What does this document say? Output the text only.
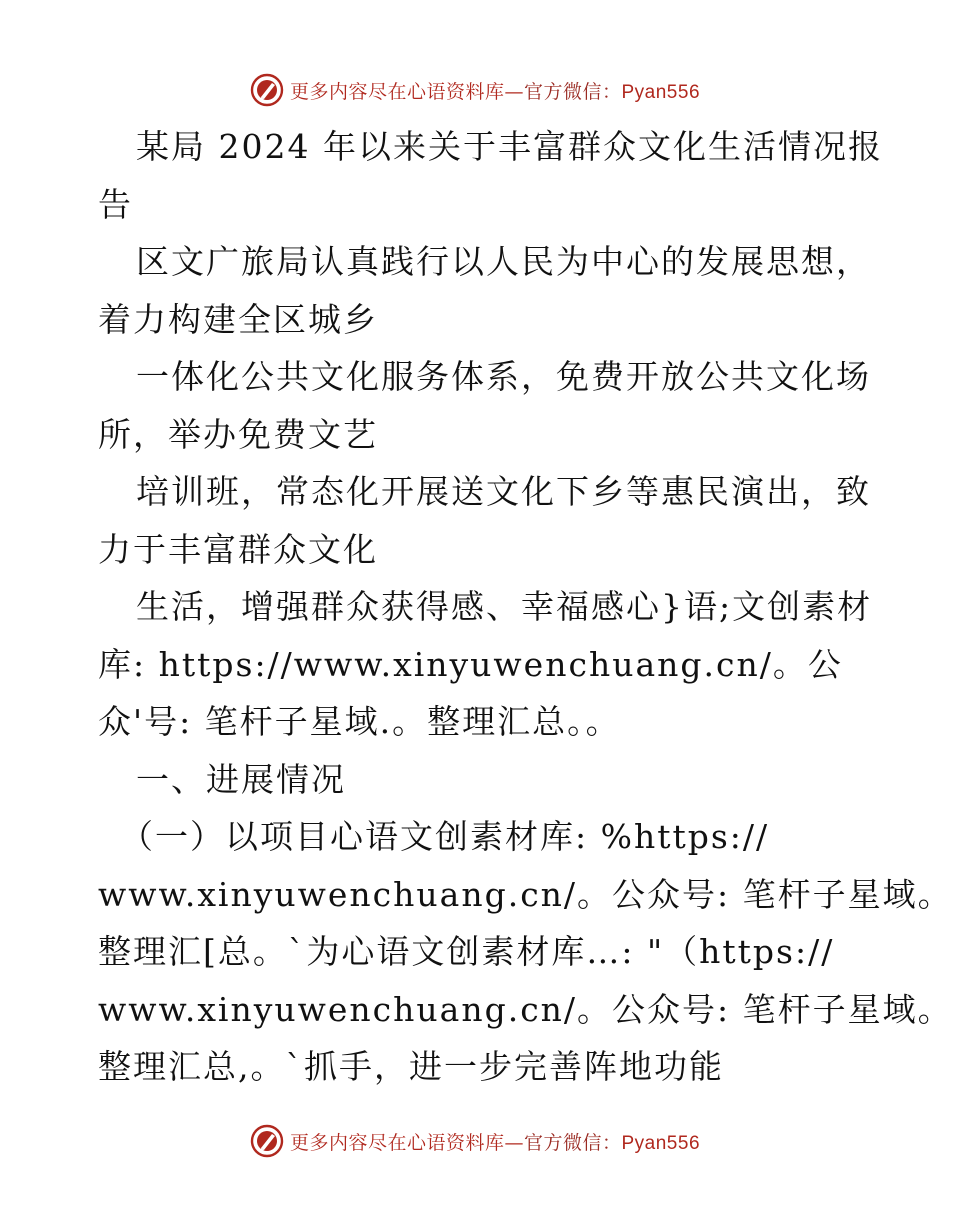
更多内容尽在心语资料库—官方微信：Pyan556
某局 2024 年以来关于丰富群众文化生活情况报
告
区文广旅局认真践行以人民为中心的发展思想，
着力构建全区城乡
一体化公共文化服务体系，免费开放公共文化场
所，举办免费文艺
培训班，常态化开展送文化下乡等惠民演出，致
力于丰富群众文化
生活，增强群众获得感、幸福感心}语;文创素材
库: https://www.xinyuwenchuang.cn/。公
众'号: 笔杆子星域.。整理汇总。。
一、进展情况
（一）以项目心语文创素材库: %https://
www.xinyuwenchuang.cn/。公众号: 笔杆子星域。
整理汇[总。`为心语文创素材库…: "（https://
www.xinyuwenchuang.cn/。公众号: 笔杆子星域。
整理汇总,。`抓手，进一步完善阵地功能
更多内容尽在心语资料库—官方微信：Pyan556
